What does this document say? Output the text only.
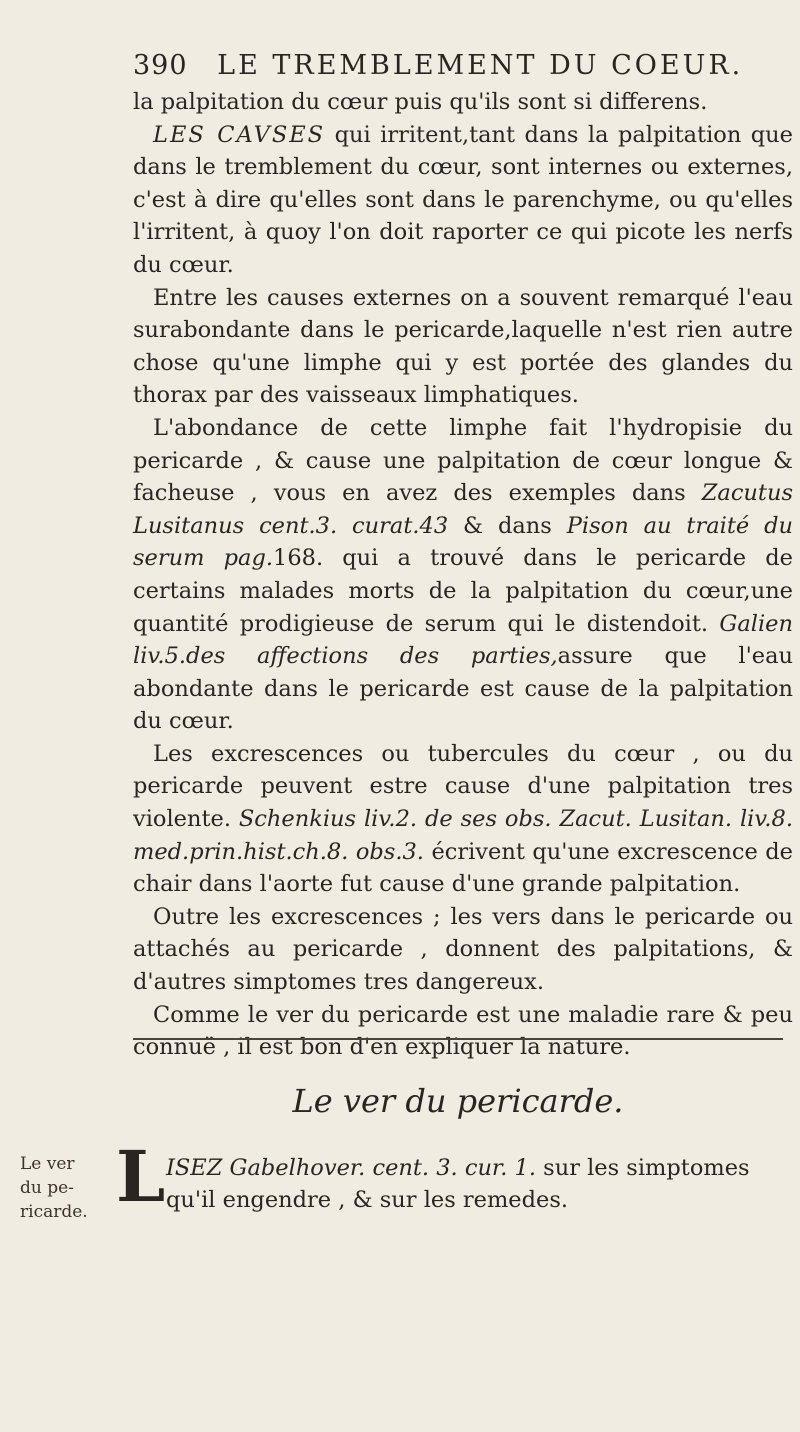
390 LE TREMBLEMENT DU COEUR.

la palpitation du cœur puis qu'ils sont si differens.

LES CAVSES qui irritent,tant dans la palpitation que dans le tremblement du cœur, sont internes ou externes, c'est à dire qu'elles sont dans le parenchyme, ou qu'elles l'irritent, à quoy l'on doit raporter ce qui picote les nerfs du cœur.

Entre les causes externes on a souvent remarqué l'eau surabondante dans le pericarde,laquelle n'est rien autre chose qu'une limphe qui y est portée des glandes du thorax par des vaisseaux limphatiques.

L'abondance de cette limphe fait l'hydropisie du pericarde , & cause une palpitation de cœur longue & facheuse , vous en avez des exemples dans Zacutus Lusitanus cent.3. curat.43 & dans Pison au traité du serum pag.168. qui a trouvé dans le pericarde de certains malades morts de la palpitation du cœur,une quantité prodigieuse de serum qui le distendoit. Galien liv.5.des affections des parties,assure que l'eau abondante dans le pericarde est cause de la palpitation du cœur.

Les excrescences ou tubercules du cœur , ou du pericarde peuvent estre cause d'une palpitation tres violente. Schenkius liv.2. de ses obs. Zacut. Lusitan. liv.8. med.prin.hist.ch.8. obs.3. écrivent qu'une excrescence de chair dans l'aorte fut cause d'une grande palpitation.

Outre les excrescences ; les vers dans le pericarde ou attachés au pericarde , donnent des palpitations, & d'autres simptomes tres dangereux.

Comme le ver du pericarde est une maladie rare & peu connuë , il est bon d'en expliquer la nature.

Le ver du pericarde.
Le ver
du pe-
ricarde. L ISEZ Gabelhover. cent. 3. cur. 1. sur les simptomes qu'il engendre , & sur les remedes.
